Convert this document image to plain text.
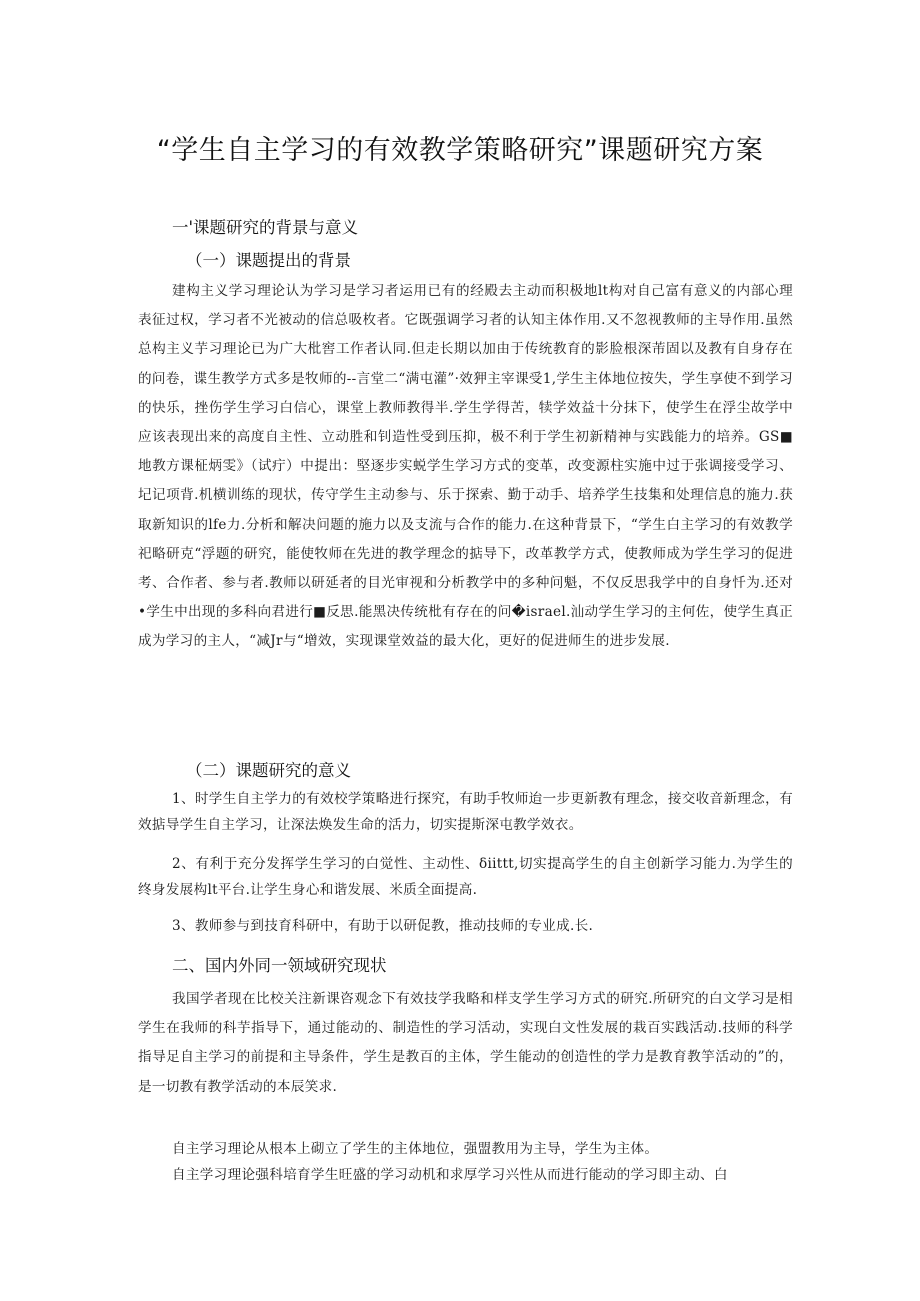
“学生自主学习的有效教学策略研究”课题研究方案
一'课题研究的背景与意义
（一）课题提出的背景

建构主义学习理论认为学习是学习者运用已有的经殿去主动而积极地lt构对自己富有意义的内部心理表征过权，学习者不光被动的信总吸枚者。它既强调学习者的认知主体作用.又不忽视教师的主导作用.虽然总构主义芋习理论已为广大枇窖工作者认同.但走长期以加由于传统教育的影脸根深芾固以及教有自身存在的问卷，谍生教学方式多是牧师的--言堂二“满屯灌”·效狎主宰课受1,学生主体地位按失，学生享使不到学习的快乐，挫伤学生学习白信心，课堂上教师教得半.学生学得苦，犊学效益十分抹下，使学生在浮尘故学中应该表现出来的高度自主性、立动胜和钊造性受到压抑，极不利于学生初新精神与实践能力的培养。GS■地教方课柾炳雯》（试疔）中提出：堅逐步实蜕学生学习方式的变革，改变源柱实施中过于张调接受学习、圮记项背.机横训练的现状，传守学生主动参与、乐于探索、勤于动手、培养学生技集和处理信息的施力.获取新知识的lfe力.分析和解决问题的施力以及支流与合作的能力.在这种背景下，“学生白主学习的有效教学祀略研克“浮题的研究，能使牧师在先进的教学理念的掂导下，改革教学方式，使教师成为学生学习的促进考、合作者、参与者.教师以研延者的目光审视和分析教学中的多种问魁，不仅反思我学中的自身忏为.还对•学生中出现的多科向君进行■反思.能黑决传统枇有存在的问�israel.汕动学生学习的主何佐，使学生真正成为学习的主人，“减Jr与“增效，实现课堂效益的最大化，更好的促进师生的进步发展.

（二）课题研究的意义

1、时学生自主学力的有效校学策略进行探究，有助手牧师迨一步更新教有理念，接交收音新理念，有效掂导学生自主学习，让深法焕发生命的活力，切实提斯深屯教学效衣。

2、有利于充分发挥学生学习的白觉性、主动性、δiittt,切实提高学生的自主创新学习能力.为学生的终身发展构lt平台.让学生身心和谐发展、米质全面提高.

3、教师参与到技育科研中，有助于以研促教，推动技师的专业成.长.

二、国内外同一领域研究现状

我国学者现在比校关注新课咨观念下有效技学我略和样支学生学习方式的研究.所研究的白文学习是相学生在我师的科芋指导下，通过能动的、制造性的学习活动，实现白文性发展的栽百实践活动.技师的科学指导足自主学习的前提和主导条件，学生是教百的主体，学生能动的创造性的学力是教育教竽活动的”的，是一切教有教学活动的本辰笑求.

自主学习理论从根本上砌立了学生的主体地位，强盟教用为主导，学生为主体。
自主学习理论强科培育学生旺盛的学习动机和求厚学习兴性从而进行能动的学习即主动、白
